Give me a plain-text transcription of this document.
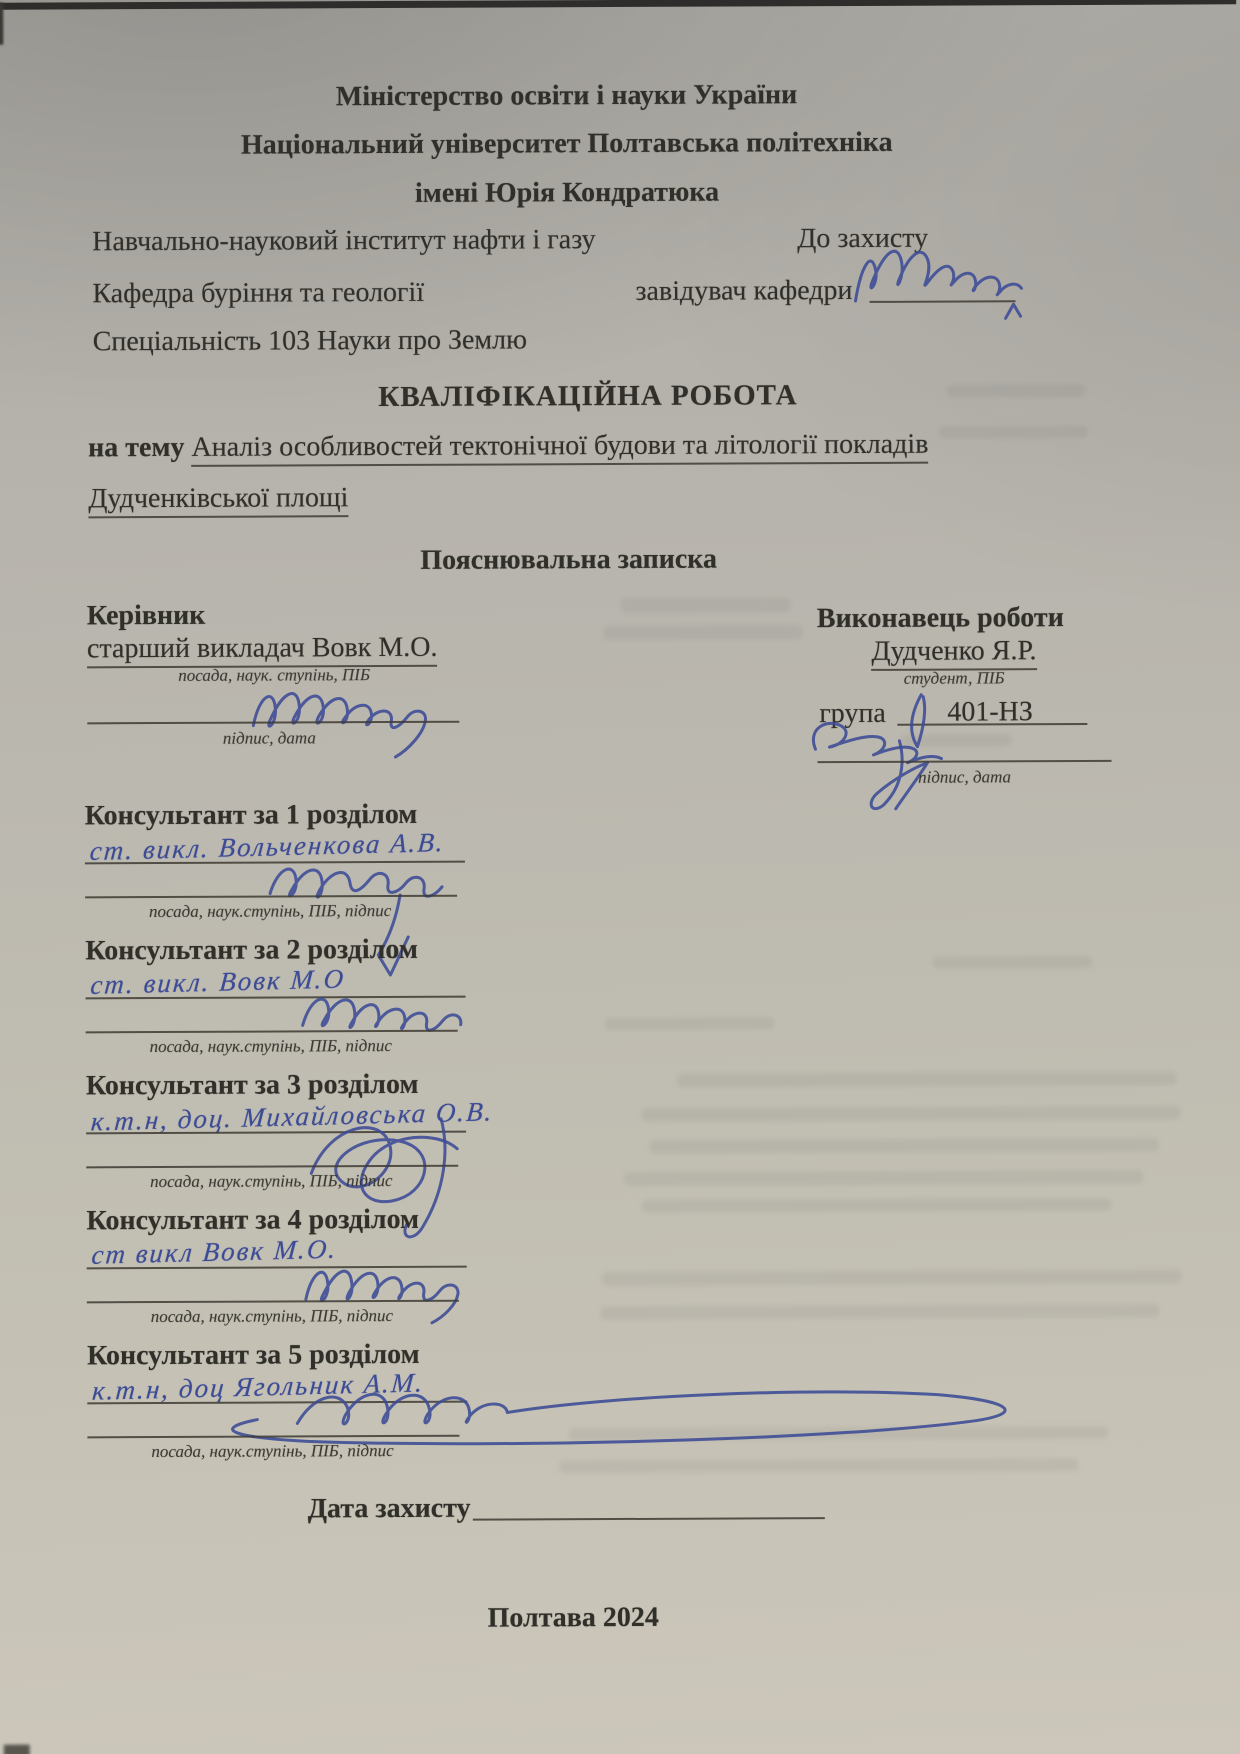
Міністерство освіти і науки України
Національний університет Полтавська політехніка
імені Юрія Кондратюка
Навчально-науковий інститут нафти і газу	До захисту
Кафедра буріння та геології	завідувач кафедри
Спеціальність 103 Науки про Землю
КВАЛІФІКАЦІЙНА РОБОТА
на тему Аналіз особливостей тектонічної будови та літології покладів
Дудченківської площі
Пояснювальна записка
Керівник
старший викладач Вовк М.О.
посада, наук. ступінь, ПІБ
підпис, дата
Виконавець роботи
Дудченко Я.Р.
студент, ПІБ
група 401-НЗ
підпис, дата
Консультант за 1 розділом
ст. викл. Вольченкова А.В.
посада, наук.ступінь, ПІБ, підпис
Консультант за 2 розділом
ст. викл. Вовк М.О
посада, наук.ступінь, ПІБ, підпис
Консультант за 3 розділом
к.т.н, доц. Михайловська О.В.
посада, наук.ступінь, ПІБ, підпис
Консультант за 4 розділом
ст викл Вовк М.О.
посада, наук.ступінь, ПІБ, підпис
Консультант за 5 розділом
к.т.н, доц Ягольник А.М.
посада, наук.ступінь, ПІБ, підпис
Дата захисту
Полтава 2024
